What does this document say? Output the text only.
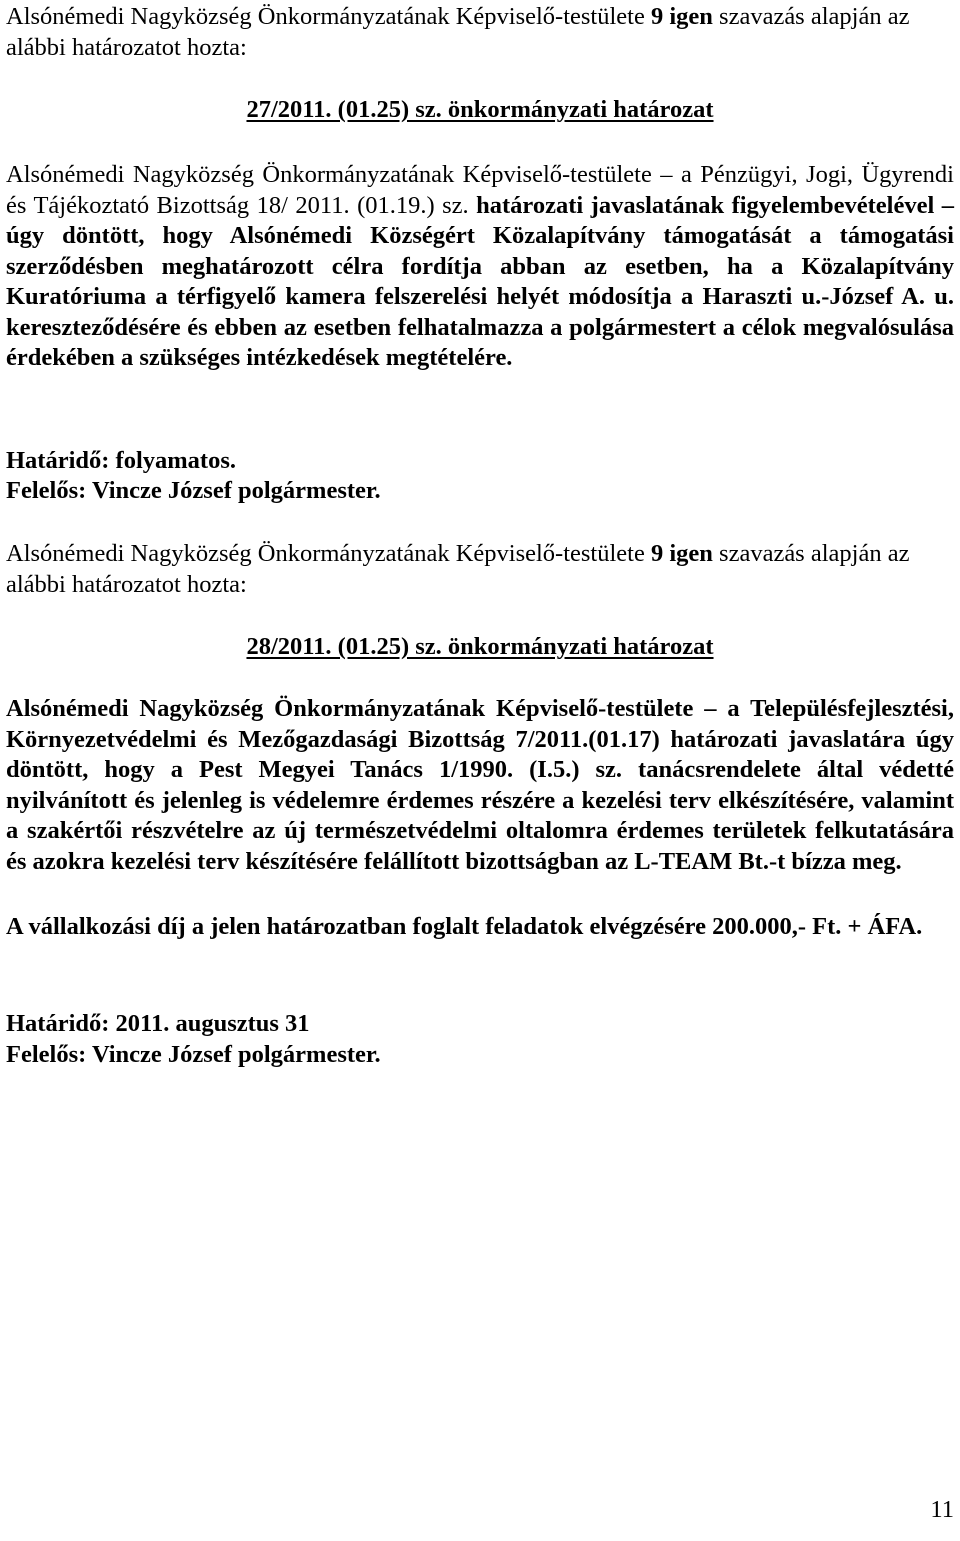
Alsónémedi Nagyközség Önkormányzatának Képviselő-testülete 9 igen szavazás alapján az alábbi határozatot hozta:

27/2011. (01.25) sz. önkormányzati határozat

Alsónémedi Nagyközség Önkormányzatának Képviselő-testülete – a Pénzügyi, Jogi, Ügyrendi és Tájékoztató Bizottság 18/ 2011. (01.19.) sz. határozati javaslatának figyelembevételével – úgy döntött, hogy Alsónémedi Községért Közalapítvány támogatását a támogatási szerződésben meghatározott célra fordítja abban az esetben, ha a Közalapítvány Kuratóriuma a térfigyelő kamera felszerelési helyét módosítja a Haraszti u.-József A. u. kereszteződésére és ebben az esetben felhatalmazza a polgármestert a célok megvalósulása érdekében a szükséges intézkedések megtételére.

Határidő: folyamatos.

Felelős: Vincze József polgármester.

Alsónémedi Nagyközség Önkormányzatának Képviselő-testülete 9 igen szavazás alapján az alábbi határozatot hozta:

28/2011. (01.25) sz. önkormányzati határozat

Alsónémedi Nagyközség Önkormányzatának Képviselő-testülete – a Településfejlesztési, Környezetvédelmi és Mezőgazdasági Bizottság 7/2011.(01.17) határozati javaslatára úgy döntött, hogy a Pest Megyei Tanács 1/1990. (I.5.) sz. tanácsrendelete által védetté nyilvánított és jelenleg is védelemre érdemes részére a kezelési terv elkészítésére, valamint a szakértői részvételre az új természetvédelmi oltalomra érdemes területek felkutatására és azokra kezelési terv készítésére felállított bizottságban az L-TEAM Bt.-t bízza meg.

A vállalkozási díj a jelen határozatban foglalt feladatok elvégzésére 200.000,- Ft. + ÁFA.

Határidő: 2011. augusztus 31

Felelős: Vincze József polgármester.

11
